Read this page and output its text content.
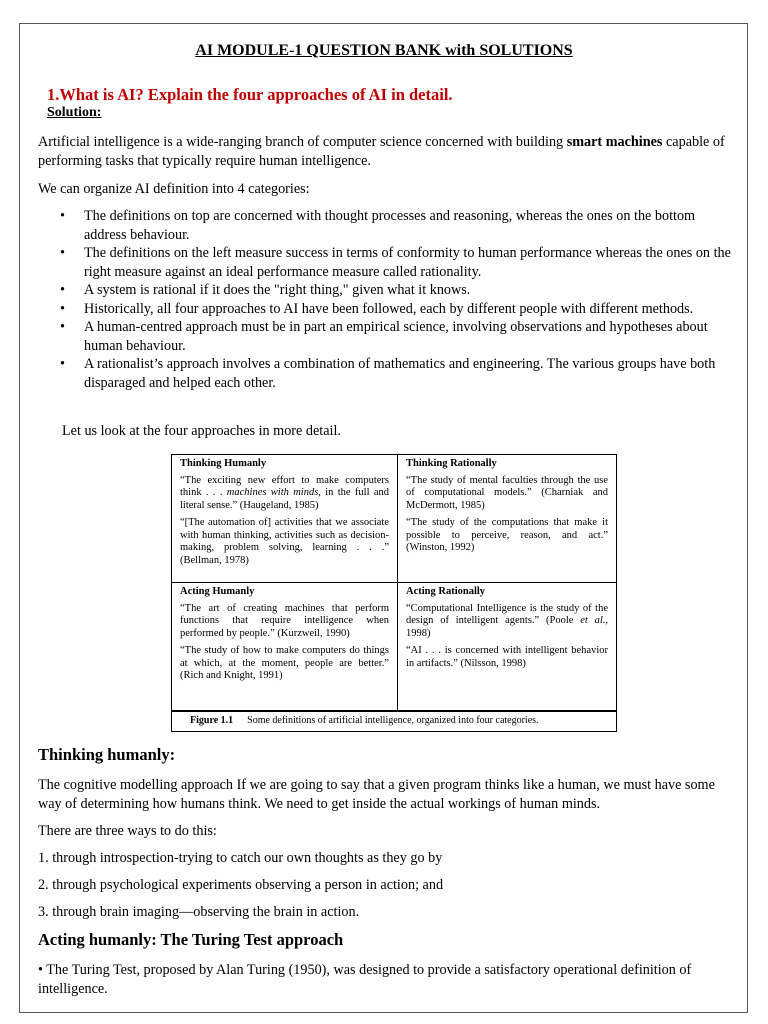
AI MODULE-1 QUESTION BANK with SOLUTIONS
1.What is AI? Explain the four approaches of AI in detail.
Solution:
Artificial intelligence is a wide-ranging branch of computer science concerned with building smart machines capable of performing tasks that typically require human intelligence.
We can organize AI definition into 4 categories:
• The definitions on top are concerned with thought processes and reasoning, whereas the ones on the bottom address behaviour.
• The definitions on the left measure success in terms of conformity to human performance whereas the ones on the right measure against an ideal performance measure called rationality.
• A system is rational if it does the "right thing," given what it knows.
• Historically, all four approaches to AI have been followed, each by different people with different methods.
• A human-centred approach must be in part an empirical science, involving observations and hypotheses about human behaviour.
• A rationalist’s approach involves a combination of mathematics and engineering. The various groups have both disparaged and helped each other.
Let us look at the four approaches in more detail.
Thinking Humanly

“The exciting new effort to make computers think . . . machines with minds, in the full and literal sense.” (Haugeland, 1985)

“[The automation of] activities that we associate with human thinking, activities such as decision-making, problem solving, learning . . .” (Bellman, 1978)

Thinking Rationally

“The study of mental faculties through the use of computational models.” (Charniak and McDermott, 1985)

“The study of the computations that make it possible to perceive, reason, and act.” (Winston, 1992)

Acting Humanly

“The art of creating machines that perform functions that require intelligence when performed by people.” (Kurzweil, 1990)

“The study of how to make computers do things at which, at the moment, people are better.” (Rich and Knight, 1991)

Acting Rationally

“Computational Intelligence is the study of the design of intelligent agents.” (Poole et al., 1998)

“AI . . . is concerned with intelligent behavior in artifacts.” (Nilsson, 1998)

Figure 1.1 Some definitions of artificial intelligence, organized into four categories.
Thinking humanly:
The cognitive modelling approach If we are going to say that a given program thinks like a human, we must have some way of determining how humans think. We need to get inside the actual workings of human minds.
There are three ways to do this:
1. through introspection-trying to catch our own thoughts as they go by
2. through psychological experiments observing a person in action; and
3. through brain imaging—observing the brain in action.
Acting humanly: The Turing Test approach
• The Turing Test, proposed by Alan Turing (1950), was designed to provide a satisfactory operational definition of intelligence.
